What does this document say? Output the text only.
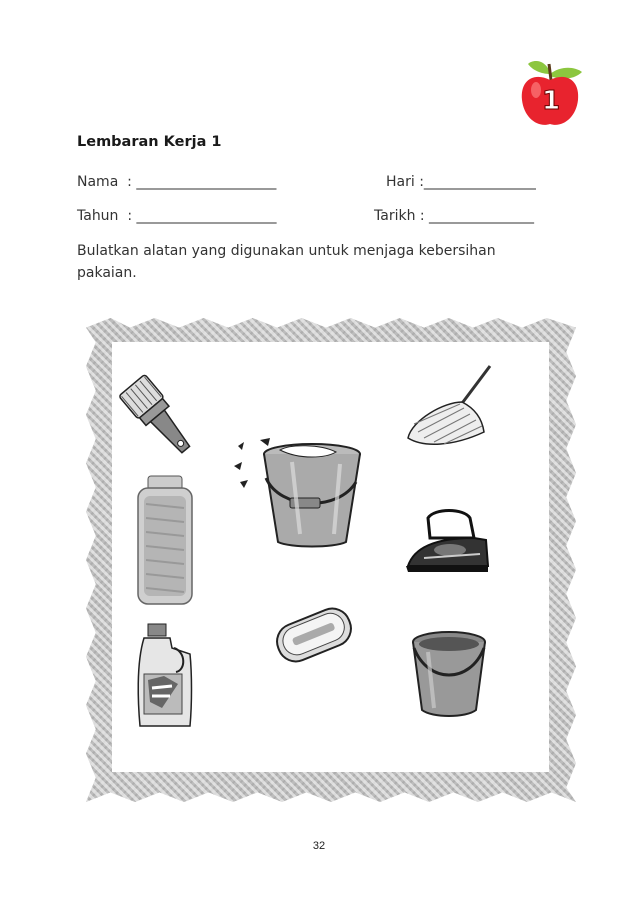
1
Lembaran Kerja 1
Nama  : ____________________	Hari :________________
Tahun  : ____________________	Tarikh : _______________
Bulatkan alatan yang digunakan untuk menjaga kebersihan pakaian.
32
